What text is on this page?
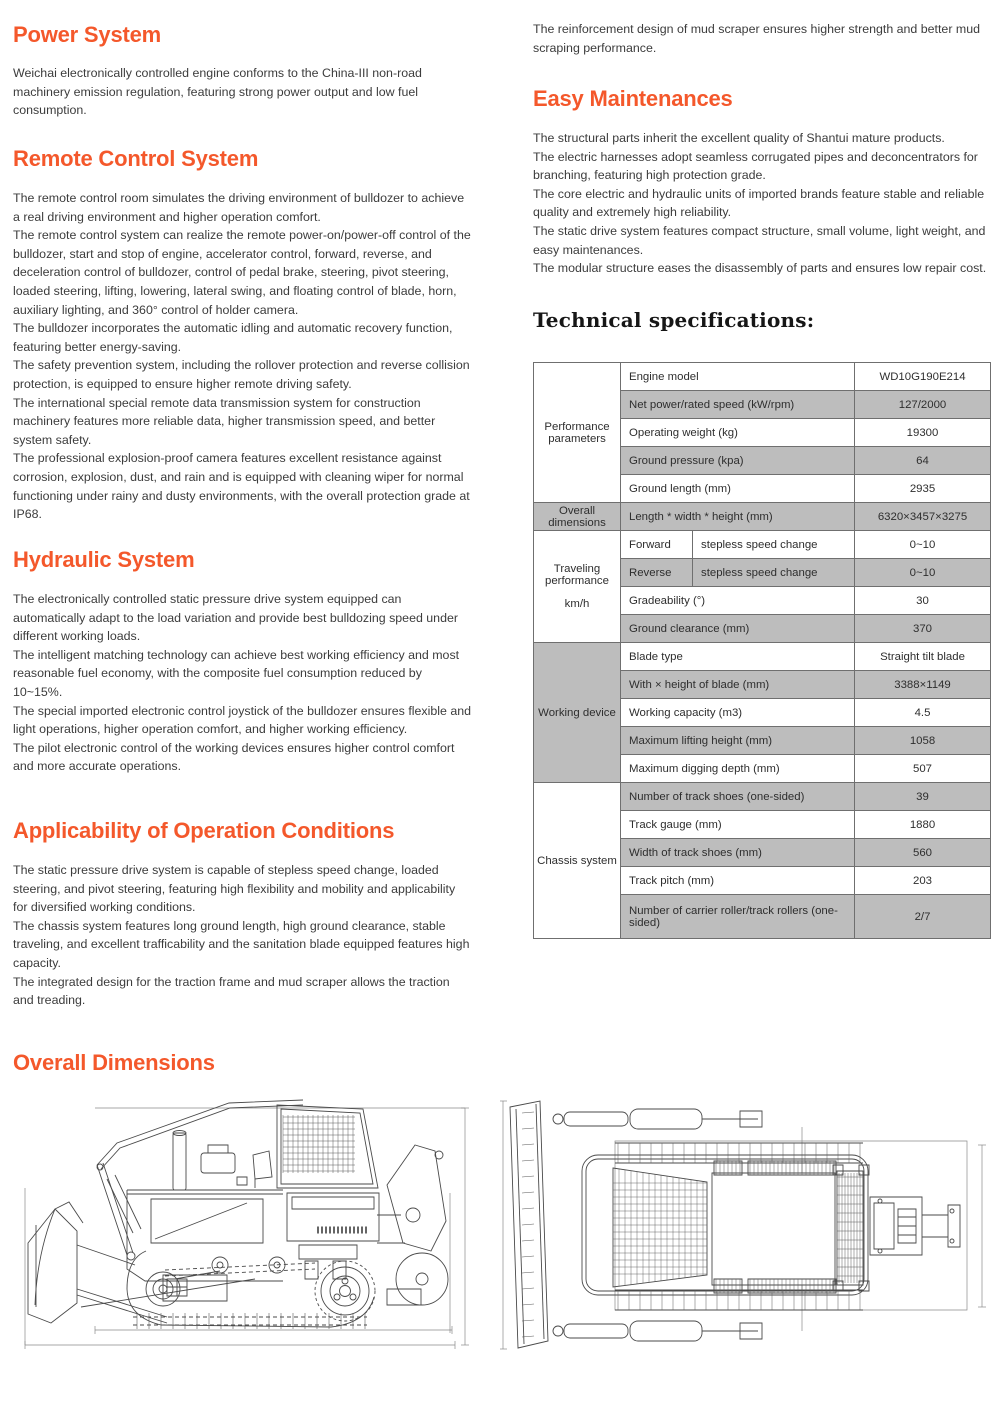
Power System

Weichai electronically controlled engine conforms to the China-III non-road machinery emission regulation, featuring strong power output and low fuel consumption.

Remote Control System

The remote control room simulates the driving environment of bulldozer to achieve a real driving environment and higher operation comfort.

The remote control system can realize the remote power-on/power-off control of the bulldozer, start and stop of engine, accelerator control, forward, reverse, and deceleration control of bulldozer, control of pedal brake, steering, pivot steering, loaded steering, lifting, lowering, lateral swing, and floating control of blade, horn, auxiliary lighting, and 360° control of holder camera.

The bulldozer incorporates the automatic idling and automatic recovery function, featuring better energy-saving.

The safety prevention system, including the rollover protection and reverse collision protection, is equipped to ensure higher remote driving safety.

The international special remote data transmission system for construction machinery features more reliable data, higher transmission speed, and better system safety.

The professional explosion-proof camera features excellent resistance against corrosion, explosion, dust, and rain and is equipped with cleaning wiper for normal functioning under rainy and dusty environments, with the overall protection grade at IP68.

Hydraulic System

The electronically controlled static pressure drive system equipped can automatically adapt to the load variation and provide best bulldozing speed under different working loads.

The intelligent matching technology can achieve best working efficiency and most reasonable fuel economy, with the composite fuel consumption reduced by 10~15%.

The special imported electronic control joystick of the bulldozer ensures flexible and light operations, higher operation comfort, and higher working efficiency.

The pilot electronic control of the working devices ensures higher control comfort and more accurate operations.

Applicability of Operation Conditions

The static pressure drive system is capable of stepless speed change, loaded steering, and pivot steering, featuring high flexibility and mobility and applicability for diversified working conditions.

The chassis system features long ground length, high ground clearance, stable traveling, and excellent trafficability and the sanitation blade equipped features high capacity.

The integrated design for the traction frame and mud scraper allows the traction and treading.

Overall Dimensions

The reinforcement design of mud scraper ensures higher strength and better mud scraping performance.

Easy Maintenances

The structural parts inherit the excellent quality of Shantui mature products.

The electric harnesses adopt seamless corrugated pipes and deconcentrators for branching, featuring high protection grade.

The core electric and hydraulic units of imported brands feature stable and reliable quality and extremely high reliability.

The static drive system features compact structure, small volume, light weight, and easy maintenances.

The modular structure eases the disassembly of parts and ensures low repair cost.

Technical specifications:
Performance parameters	Engine model		WD10G190E214
	Net power/rated speed (kW/rpm)		127/2000
	Operating weight (kg)		19300
	Ground pressure (kpa)		64
	Ground length (mm)		2935
Overall dimensions	Length * width * height (mm)		6320×3457×3275

Traveling performance
km/h	Forward	stepless speed change	0~10
	Reverse	stepless speed change	0~10
	Gradeability (°)		30
	Ground clearance (mm)		370
Working device	Blade type		Straight tilt blade
	With × height of blade (mm)		3388×1149
	Working capacity (m3)		4.5
	Maximum lifting height (mm)		1058
	Maximum digging depth (mm)		507
Chassis system	Number of track shoes (one-sided)		39
	Track gauge (mm)		1880
	Width of track shoes (mm)		560
	Track pitch (mm)		203
	Number of carrier roller/track rollers (one-sided)		2/7
